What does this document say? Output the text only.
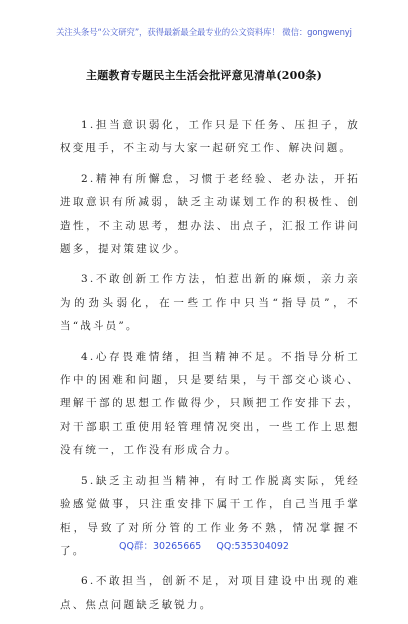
关注头条号“公文研究”，获得最新最全最专业的公文资料库！ 微信：gongwenyj
主题教育专题民主生活会批评意见清单(200条)

1.担当意识弱化，工作只是下任务、压担子，放权变甩手，不主动与大家一起研究工作、解决问题。

2.精神有所懈怠，习惯于老经验、老办法，开拓进取意识有所减弱，缺乏主动谋划工作的积极性、创造性，不主动思考，想办法、出点子，汇报工作讲问题多，提对策建议少。

3.不敢创新工作方法，怕惹出新的麻烦，亲力亲为的劲头弱化，在一些工作中只当“指导员”，不当“战斗员”。

4.心存畏难情绪，担当精神不足。不指导分析工作中的困难和问题，只是要结果，与干部交心谈心、理解干部的思想工作做得少，只顾把工作安排下去，对干部职工重使用轻管理情况突出，一些工作上思想没有统一，工作没有形成合力。

5.缺乏主动担当精神，有时工作脱离实际，凭经验感觉做事，只注重安排下属干工作，自己当甩手掌柜，导致了对所分管的工作业务不熟，情况掌握不了。

6.不敢担当，创新不足，对项目建设中出现的难点、焦点问题缺乏敏锐力。

QQ群：30265665 QQ:535304092
